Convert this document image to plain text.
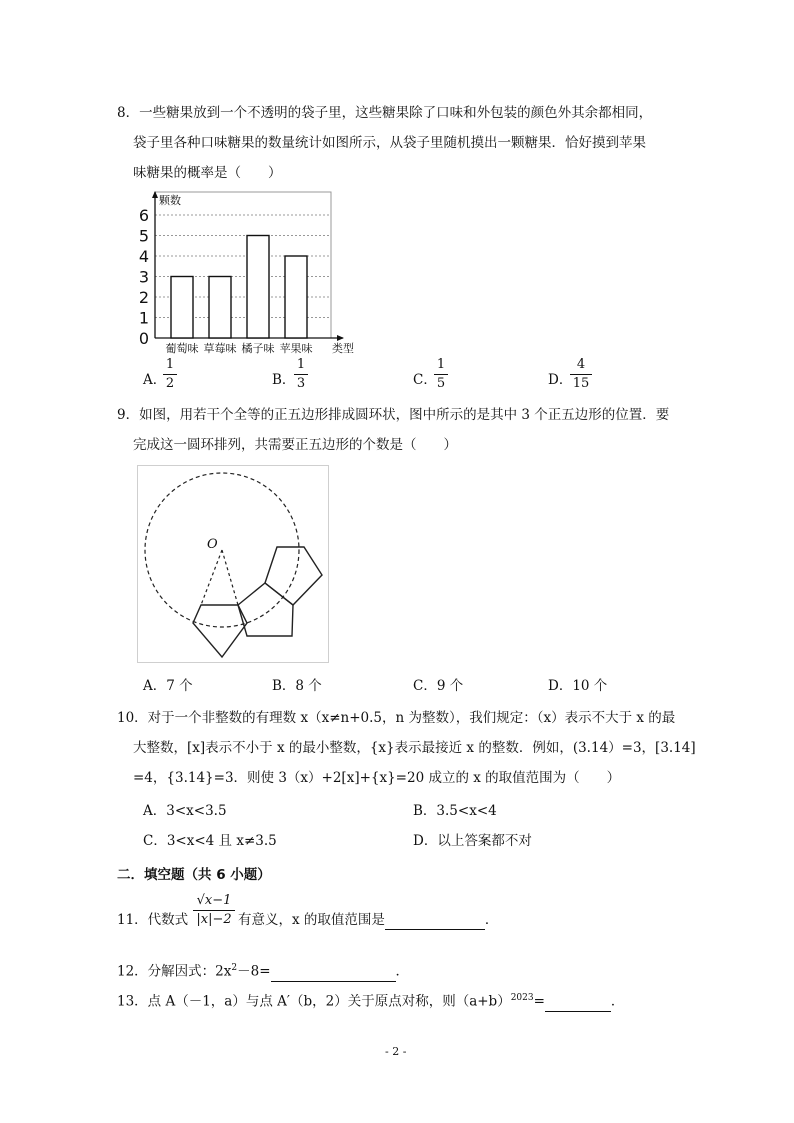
8．一些糖果放到一个不透明的袋子里，这些糖果除了口味和外包装的颜色外其余都相同，
袋子里各种口味糖果的数量统计如图所示，从袋子里随机摸出一颗糖果．恰好摸到苹果
味糖果的概率是（　　）
0
1
2
3
4
5
6
颗数
葡萄味 草莓味 橘子味 苹果味 类型
A．
1
2	B．
1
3	C．
1
5	D．
4
15
9．如图，用若干个全等的正五边形排成圆环状，图中所示的是其中 3 个正五边形的位置．要
完成这一圆环排列，共需要正五边形的个数是（　　）
O
A．7 个	B．8 个	C．9 个	D．10 个
10．对于一个非整数的有理数 x（x≠n+0.5，n 为整数），我们规定：（x）表示不大于 x 的最
大整数，[x]表示不小于 x 的最小整数，{x}表示最接近 x 的整数．例如，(3.14）=3，[3.14]
=4，{3.14}=3．则使 3（x）+2[x]+{x}=20 成立的 x 的取值范围为（　　）
A．3<x<3.5	B．3.5<x<4
C．3<x<4 且 x≠3.5	D．以上答案都不对
二．填空题（共 6 小题）
11．代数式
√x−1
|x|−2 有意义，x 的取值范围是	．
12．分解因式：$2x^2-8=$	．
13．点 A（－1，a）与点 A′（b，2）关于原点对称，则$(a+b)^{2023}=$	．
- 2 -
